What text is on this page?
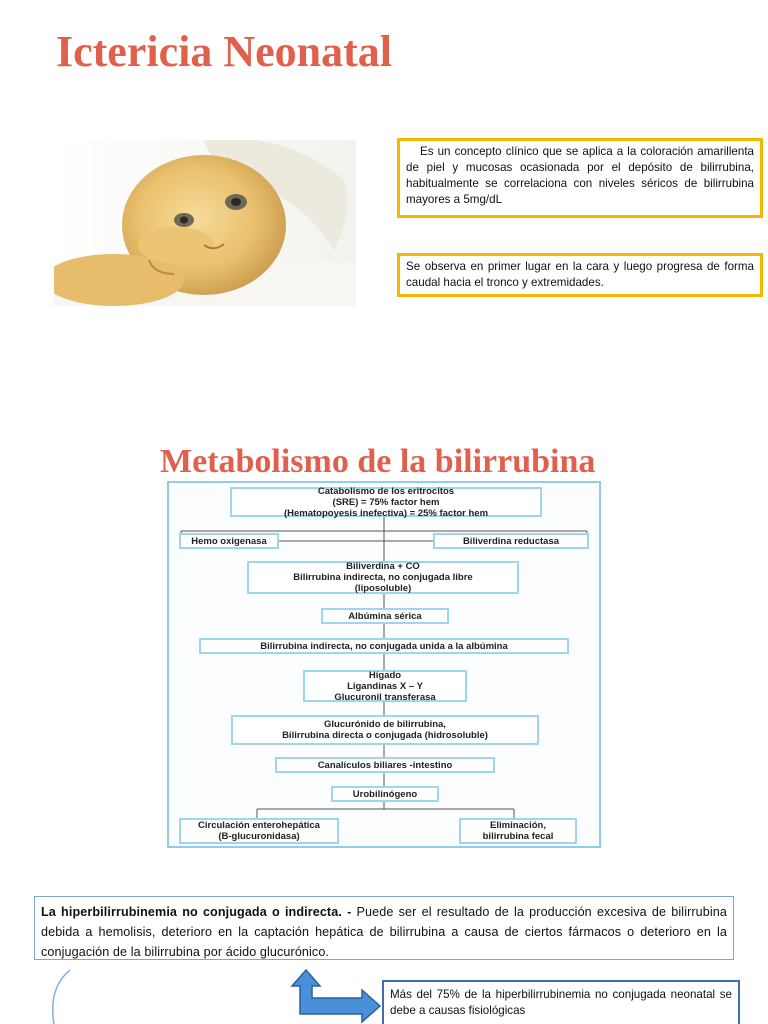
Ictericia Neonatal

Es un concepto clínico que se aplica a la coloración amarillenta de piel y mucosas ocasionada por el depósito de bilirrubina, habitualmente se correlaciona con niveles séricos de bilirrubina mayores a 5mg/dL

Se observa en primer lugar en la cara y luego progresa de forma caudal hacia el tronco y extremidades.

Metabolismo de la bilirrubina
Catabolismo de los eritrocitos
(SRE) = 75% factor hem
(Hematopoyesis inefectiva) = 25% factor hem
Hemo oxigenasa	Biliverdina reductasa
Biliverdina + CO
Bilirrubina indirecta, no conjugada libre
(liposoluble)
Albúmina sérica
Bilirrubina indirecta, no conjugada unida a la albúmina
Hígado
Ligandinas X – Y
Glucuronil transferasa
Glucurónido de bilirrubina,
Bilirrubina directa o conjugada (hidrosoluble)
Canalículos biliares -intestino
Urobilinógeno
Circulación enterohepática
(B-glucuronidasa)
Eliminación,
bilirrubina fecal

La hiperbilirrubinemia no conjugada o indirecta. - Puede ser el resultado de la producción excesiva de bilirrubina debida a hemolisis, deterioro en la captación hepática de bilirrubina a causa de ciertos fármacos o deterioro en la conjugación de la bilirrubina por ácido glucurónico.

Más del 75% de la hiperbilirrubinemia no conjugada neonatal se debe a causas fisiológicas
